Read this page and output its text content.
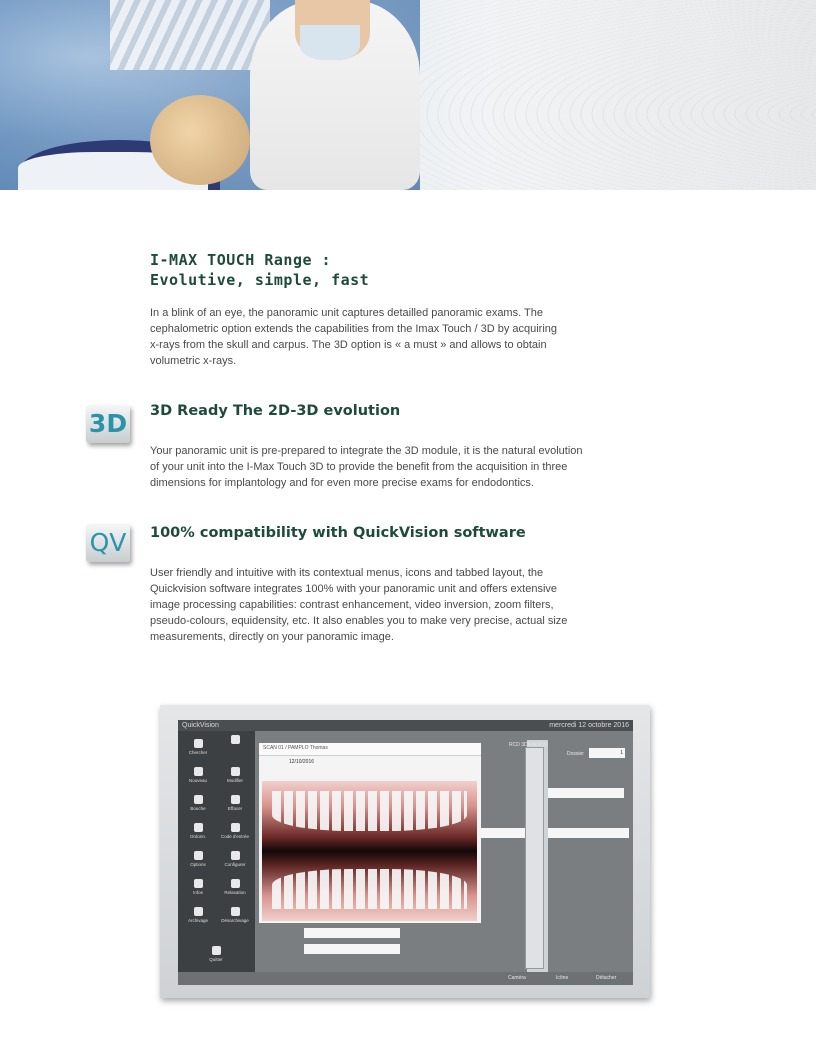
I-MAX TOUCH Range :
Evolutive, simple, fast

In a blink of an eye, the panoramic unit captures detailled panoramic exams. The
cephalometric option extends the capabilities from the Imax Touch / 3D by acquiring
x-rays from the skull and carpus. The 3D option is « a must » and allows to obtain
volumetric x-rays.

3D 3D Ready The 2D-3D evolution

Your panoramic unit is pre-prepared to integrate the 3D module, it is the natural evolution
of your unit into the I-Max Touch 3D to provide the benefit from the acquisition in three
dimensions for implantology and for even more precise exams for endodontics.

QV 100% compatibility with QuickVision software

User friendly and intuitive with its contextual menus, icons and tabbed layout, the
Quickvision software integrates 100% with your panoramic unit and offers extensive
image processing capabilities: contrast enhancement, video inversion, zoom filters,
pseudo-colours, equidensity, etc. It also enables you to make very precise, actual size
measurements, directly on your panoramic image.

QuickVision	mercredi 12 octobre 2016
Chercher
Nouveau	Modifier
Bouche	Effacer
Ordonn.	Code d'entrée
Options	Configurer
Infos	Relaxation
Archivage	Désarchivage
Quitter
SCAN 01 / PAMPLO Thomas
12/10/2016
1
Dossier
RCD 3D RADIOS
Caméra	Icône	Détacher
